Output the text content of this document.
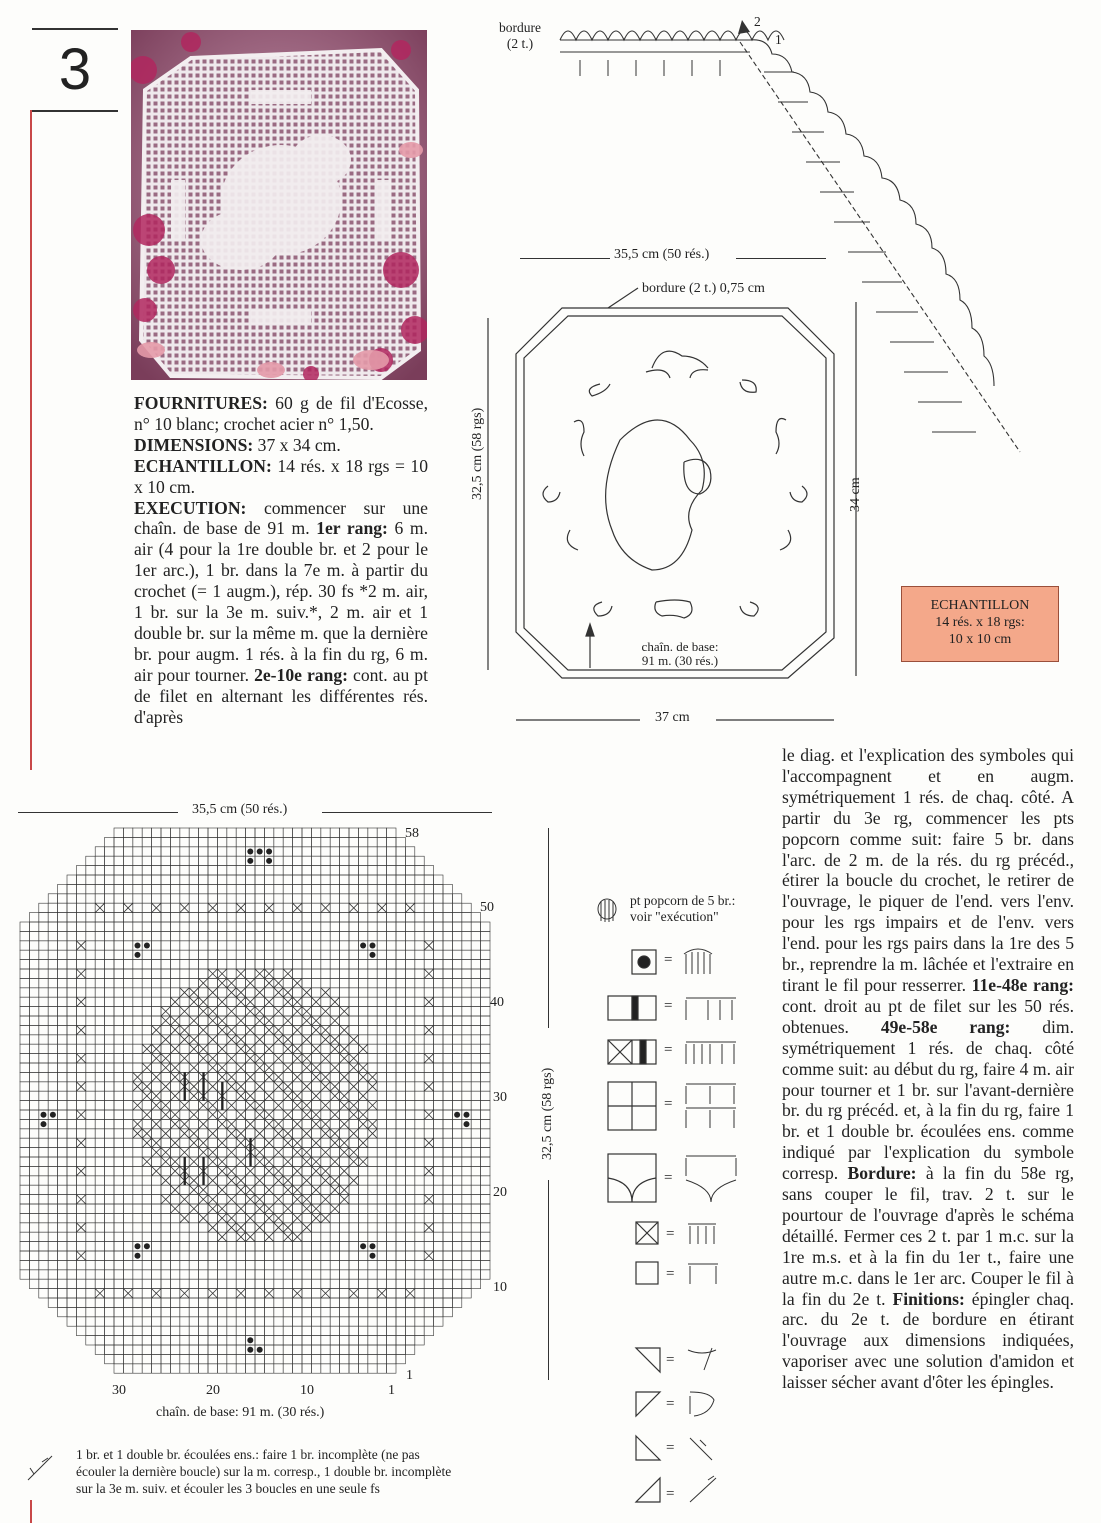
3
FOURNITURES: 60 g de fil d'Ecosse, n° 10 blanc; crochet acier n° 1,50.
DIMENSIONS: 37 x 34 cm.
ECHANTILLON: 14 rés. x 18 rgs = 10 x 10 cm.
EXECUTION: commencer sur une chaîn. de base de 91 m. 1er rang: 6 m. air (4 pour la 1re double br. et 2 pour le 1er arc.), 1 br. dans la 7e m. à partir du crochet (= 1 augm.), rép. 30 fs *2 m. air, 1 br. sur la 3e m. suiv.*, 2 m. air et 1 double br. sur la même m. que la dernière br. pour augm. 1 rés. à la fin du rg, 6 m. air pour tourner. 2e-10e rang: cont. au pt de filet en alternant les différentes rés. d'après
bordure
(2 t.)
2
1
35,5 cm (50 rés.)
bordure (2 t.) 0,75 cm
chaîn. de base:
91 m. (30 rés.)
32,5 cm (58 rgs)	34 cm
37 cm
ECHANTILLON
14 rés. x 18 rgs:
10 x 10 cm
le diag. et l'explication des symboles qui l'accompagnent et en augm. symétriquement 1 rés. de chaq. côté. A partir du 3e rg, commencer les pts popcorn comme suit: faire 5 br. dans l'arc. de 2 m. de la rés. du rg précéd., étirer la boucle du crochet, le retirer de l'ouvrage, le piquer de l'end. vers l'env. pour les rgs impairs et de l'env. vers l'end. pour les rgs pairs dans la 1re des 5 br., reprendre la m. lâchée et l'extraire en tirant le fil pour resserrer. 11e-48e rang: cont. droit au pt de filet sur les 50 rés. obtenues. 49e-58e rang: dim. symétriquement 1 rés. de chaq. côté comme suit: au début du rg, faire 4 m. air pour tourner et 1 br. sur l'avant-dernière br. du rg précéd. et, à la fin du rg, faire 1 br. et 1 double br. écoulées ens. comme indiqué par l'explication du symbole corresp. Bordure: à la fin du 58e rg, sans couper le fil, trav. 2 t. sur le pourtour de l'ouvrage d'après le schéma détaillé. Fermer ces 2 t. par 1 m.c. sur la 1re m.s. et à la fin du 1er t., faire une autre m.c. dans le 1er arc. Couper le fil à la fin du 2e t. Finitions: épingler chaq. arc. du 2e t. de bordure en étirant l'ouvrage aux dimensions indiquées, vaporiser avec une solution d'amidon et laisser sécher avant d'ôter les épingles.
35,5 cm (50 rés.)
58
50
40
30
20
10
1
30	20	10	1
chaîn. de base: 91 m. (30 rés.)
32,5 cm (58 rgs)
pt popcorn de 5 br.:
voir "exécution"
=
=
=
=
=
=
=
=
=
=
=
1 br. et 1 double br. écoulées ens.: faire 1 br. incomplète (ne pas
écouler la dernière boucle) sur la m. corresp., 1 double br. incomplète
sur la 3e m. suiv. et écouler les 3 boucles en une seule fs
